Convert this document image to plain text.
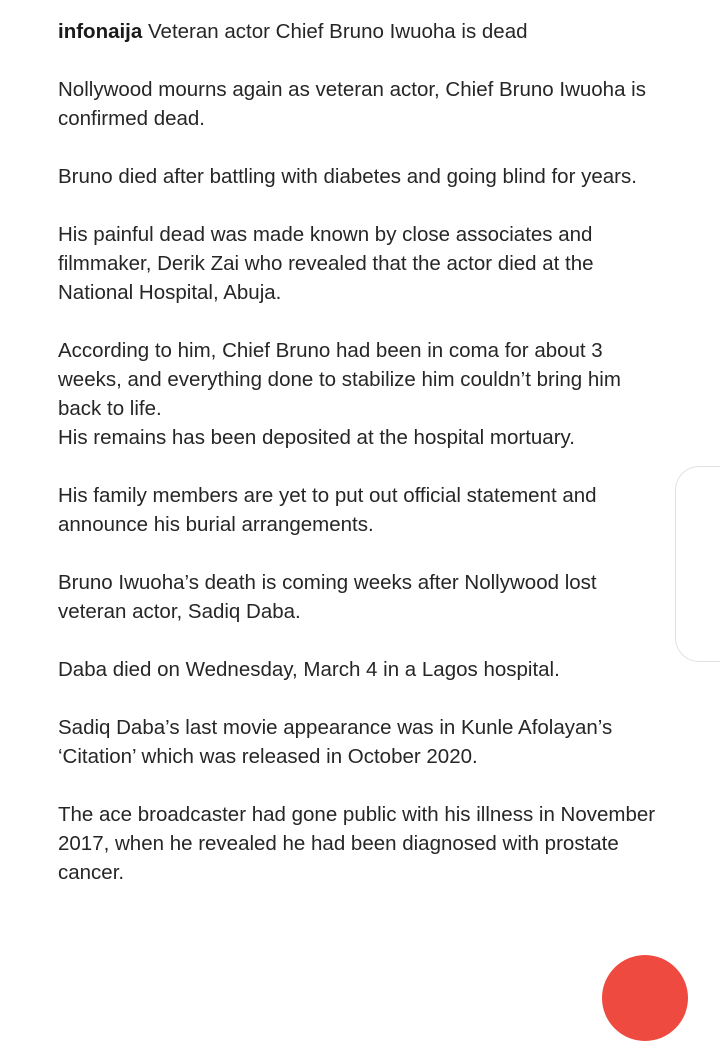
infonaija Veteran actor Chief Bruno Iwuoha is dead

Nollywood mourns again as veteran actor, Chief Bruno Iwuoha is confirmed dead.

Bruno died after battling with diabetes and going blind for years.

His painful dead was made known by close associates and filmmaker, Derik Zai who revealed that the actor died at the National Hospital, Abuja.

According to him, Chief Bruno had been in coma for about 3 weeks, and everything done to stabilize him couldn’t bring him back to life.

His remains has been deposited at the hospital mortuary.

His family members are yet to put out official statement and announce his burial arrangements.

Bruno Iwuoha’s death is coming weeks after Nollywood lost veteran actor, Sadiq Daba.

Daba died on Wednesday, March 4 in a Lagos hospital.

Sadiq Daba’s last movie appearance was in Kunle Afolayan’s ‘Citation’ which was released in October 2020.

The ace broadcaster had gone public with his illness in November 2017, when he revealed he had been diagnosed with prostate cancer.
